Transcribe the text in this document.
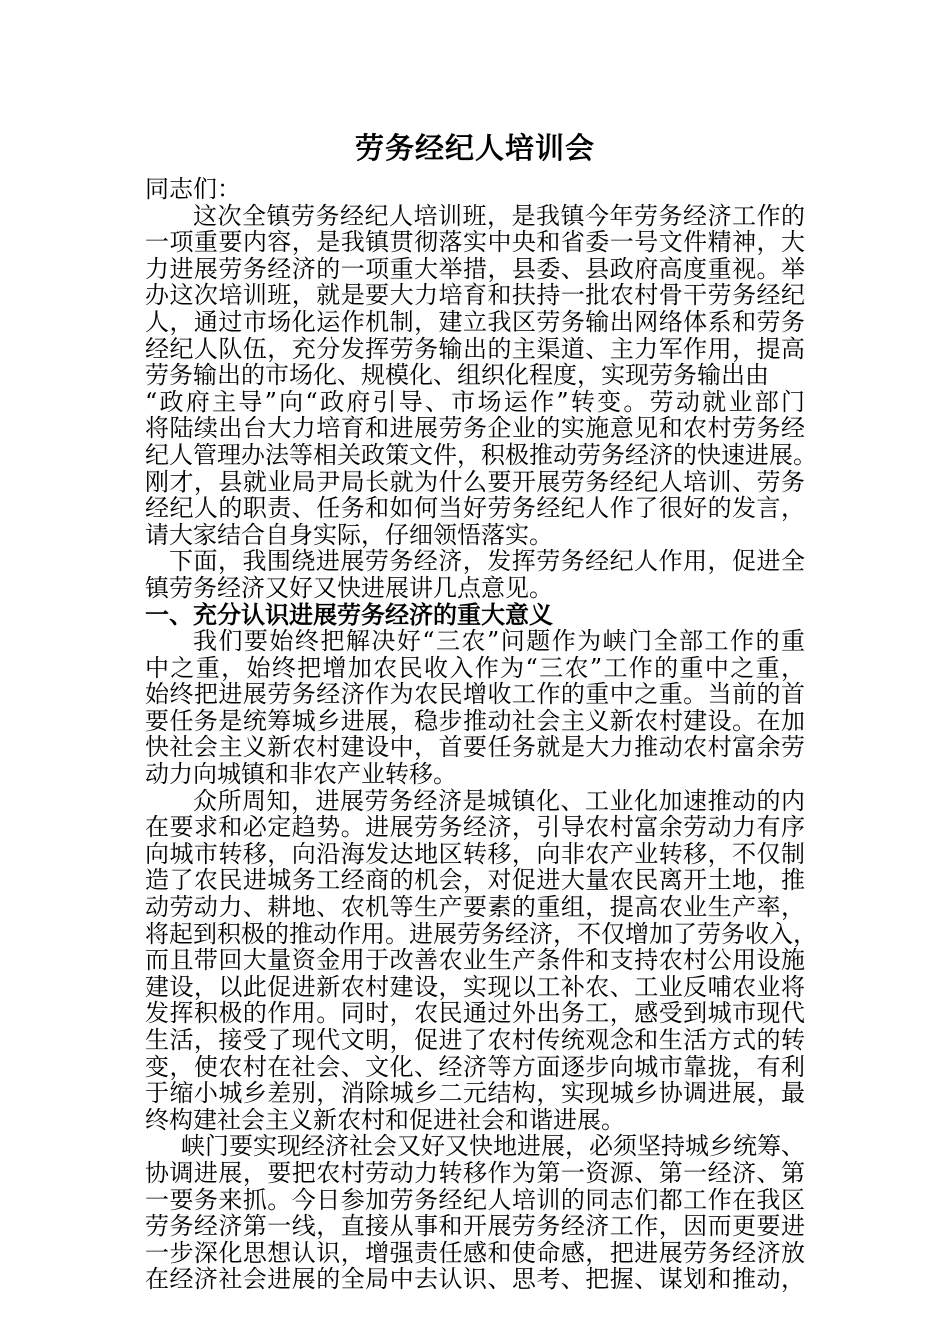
劳务经纪人培训会
同志们：
这次全镇劳务经纪人培训班，是我镇今年劳务经济工作的
一项重要内容，是我镇贯彻落实中央和省委一号文件精神，大
力进展劳务经济的一项重大举措，县委、县政府高度重视。举
办这次培训班，就是要大力培育和扶持一批农村骨干劳务经纪
人，通过市场化运作机制，建立我区劳务输出网络体系和劳务
经纪人队伍，充分发挥劳务输出的主渠道、主力军作用，提高
劳务输出的市场化、规模化、组织化程度，实现劳务输出由
“政府主导”向“政府引导、市场运作”转变。劳动就业部门
将陆续出台大力培育和进展劳务企业的实施意见和农村劳务经
纪人管理办法等相关政策文件，积极推动劳务经济的快速进展。
刚才，县就业局尹局长就为什么要开展劳务经纪人培训、劳务
经纪人的职责、任务和如何当好劳务经纪人作了很好的发言，
请大家结合自身实际，仔细领悟落实。
下面，我围绕进展劳务经济，发挥劳务经纪人作用，促进全
镇劳务经济又好又快进展讲几点意见。
一、充分认识进展劳务经济的重大意义
我们要始终把解决好“三农”问题作为峡门全部工作的重
中之重，始终把增加农民收入作为“三农”工作的重中之重，
始终把进展劳务经济作为农民增收工作的重中之重。当前的首
要任务是统筹城乡进展，稳步推动社会主义新农村建设。在加
快社会主义新农村建设中，首要任务就是大力推动农村富余劳
动力向城镇和非农产业转移。
众所周知，进展劳务经济是城镇化、工业化加速推动的内
在要求和必定趋势。进展劳务经济，引导农村富余劳动力有序
向城市转移，向沿海发达地区转移，向非农产业转移，不仅制
造了农民进城务工经商的机会，对促进大量农民离开土地，推
动劳动力、耕地、农机等生产要素的重组，提高农业生产率，
将起到积极的推动作用。进展劳务经济，不仅增加了劳务收入，
而且带回大量资金用于改善农业生产条件和支持农村公用设施
建设，以此促进新农村建设，实现以工补农、工业反哺农业将
发挥积极的作用。同时，农民通过外出务工，感受到城市现代
生活，接受了现代文明，促进了农村传统观念和生活方式的转
变，使农村在社会、文化、经济等方面逐步向城市靠拢，有利
于缩小城乡差别，消除城乡二元结构，实现城乡协调进展，最
终构建社会主义新农村和促进社会和谐进展。
峡门要实现经济社会又好又快地进展，必须坚持城乡统筹、
协调进展，要把农村劳动力转移作为第一资源、第一经济、第
一要务来抓。今日参加劳务经纪人培训的同志们都工作在我区
劳务经济第一线，直接从事和开展劳务经济工作，因而更要进
一步深化思想认识，增强责任感和使命感，把进展劳务经济放
在经济社会进展的全局中去认识、思考、把握、谋划和推动，
